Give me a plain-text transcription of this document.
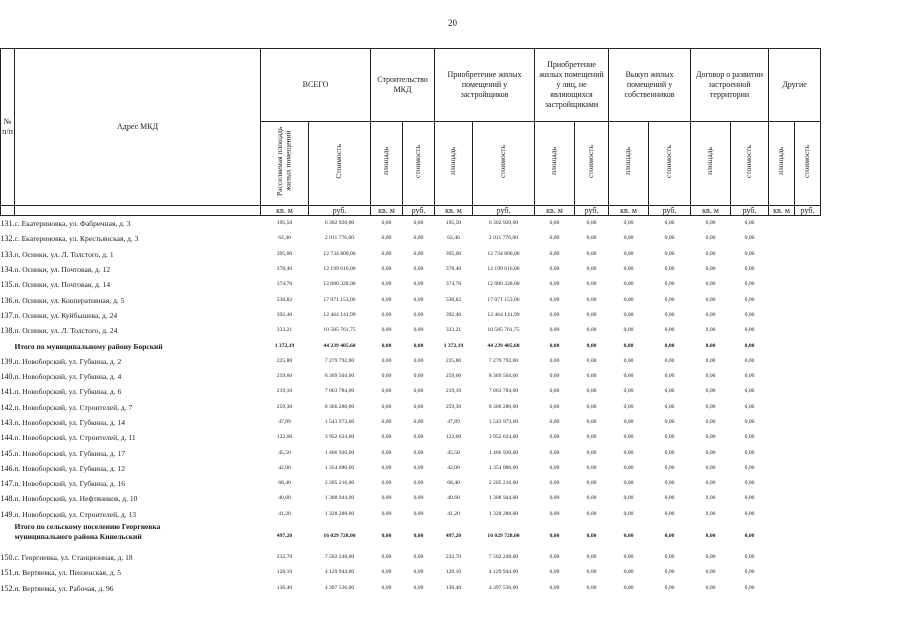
20
№ п/п	Адрес МКД	ВСЕГО		Строительство МКД		Приобретение жилых помещений у застройщиков		Приобретение жилых помещений у лиц, не являющихся застройщиками		Выкуп жилых помещений у собственников		Договор о развитии застроенной территории		Другие	
		Расселяемая площадь жилых помещений	Стоимость	площадь	стоимость	площадь	стоимость	площадь	стоимость	площадь	стоимость	площадь	стоимость	площадь	стоимость
		кв. м	руб.	кв. м	руб.	кв. м	руб.	кв. м	руб.	кв. м	руб.	кв. м	руб.	кв. м	руб.
131.	с. Екатериновка, ул. Фабричная, д. 3	195,50	6 302 920,00	0,00	0,00	195,50	6 302 920,00	0,00	0,00	0,00	0,00	0,00	0,00		
132.	с. Екатериновка, ул. Крестьянская, д. 3	62,40	2 011 776,00	0,00	0,00	62,40	2 011 776,00	0,00	0,00	0,00	0,00	0,00	0,00		
133.	п. Осинки, ул. Л. Толстого, д. 1	395,00	12 734 800,00	0,00	0,00	395,00	12 734 800,00	0,00	0,00	0,00	0,00	0,00	0,00		
134.	п. Осинки, ул. Почтовая, д. 12	378,40	12 199 616,00	0,00	0,00	378,40	12 199 616,00	0,00	0,00	0,00	0,00	0,00	0,00		
135.	п. Осинки, ул. Почтовая, д. 14	374,70	12 080 328,00	0,00	0,00	374,70	12 080 328,00	0,00	0,00	0,00	0,00	0,00	0,00		
136.	п. Осинки, ул. Кооперативная, д. 5	538,82	17 071 153,06	0,00	0,00	538,82	17 071 153,06	0,00	0,00	0,00	0,00	0,00	0,00		
137.	п. Осинки, ул. Куйбышева, д. 24	392,40	12 464 141,99	0,00	0,00	392,40	12 464 141,99	0,00	0,00	0,00	0,00	0,00	0,00		
138.	п. Осинки, ул. Л. Толстого, д. 24	333,21	10 585 761,75	0,00	0,00	333,21	10 585 761,75	0,00	0,00	0,00	0,00	0,00	0,00		
	Итого по муниципальному району Борский	1 372,19	44 239 405,60	0,00	0,00	1 372,19	44 239 405,60	0,00	0,00	0,00	0,00	0,00	0,00		
139.	п. Новоборский, ул. Губкина, д. 2	225,80	7 279 792,00	0,00	0,00	225,80	7 279 792,00	0,00	0,00	0,00	0,00	0,00	0,00		
140.	п. Новоборский, ул. Губкина, д. 4	259,60	8 369 504,00	0,00	0,00	259,60	8 369 504,00	0,00	0,00	0,00	0,00	0,00	0,00		
141.	п. Новоборский, ул. Губкина, д. 6	219,10	7 063 784,00	0,00	0,00	219,10	7 063 784,00	0,00	0,00	0,00	0,00	0,00	0,00		
142.	п. Новоборский, ул. Строителей, д. 7	259,30	8 366 280,00	0,00	0,00	259,30	8 366 280,00	0,00	0,00	0,00	0,00	0,00	0,00		
143.	п. Новоборский, ул. Губкина, д. 14	47,89	1 543 973,60	0,00	0,00	47,89	1 543 973,60	0,00	0,00	0,00	0,00	0,00	0,00		
144.	п. Новоборский, ул. Строителей, д. 11	122,60	3 952 624,00	0,00	0,00	122,60	3 952 624,00	0,00	0,00	0,00	0,00	0,00	0,00		
145.	п. Новоборский, ул. Губкина, д. 17	45,50	1 466 920,00	0,00	0,00	45,50	1 466 920,00	0,00	0,00	0,00	0,00	0,00	0,00		
146.	п. Новоборский, ул. Губкина, д. 12	42,00	1 354 080,00	0,00	0,00	42,00	1 354 080,00	0,00	0,00	0,00	0,00	0,00	0,00		
147.	п. Новоборский, ул. Губкина, д. 16	68,40	2 205 216,00	0,00	0,00	68,40	2 205 216,00	0,00	0,00	0,00	0,00	0,00	0,00		
148.	п. Новоборский, ул. Нефтяников, д. 10	40,60	1 308 944,00	0,00	0,00	40,60	1 308 944,00	0,00	0,00	0,00	0,00	0,00	0,00		
149.	п. Новоборский, ул. Строителей, д. 13	41,20	1 328 288,00	0,00	0,00	41,20	1 328 288,00	0,00	0,00	0,00	0,00	0,00	0,00		

	Итого по сельскому поселению Георгиевка
муниципального района Кинельский	497,20	16 029 728,00	0,00	0,00	497,20	16 029 728,00	0,00	0,00	0,00	0,00	0,00	0,00		
150.	с. Георгиевка, ул. Станционная, д. 18	232,70	7 502 248,00	0,00	0,00	232,70	7 502 248,00	0,00	0,00	0,00	0,00	0,00	0,00		
151.	п. Вертяевка, ул. Пензенская, д. 5	128,10	4 129 944,00	0,00	0,00	128,10	4 129 944,00	0,00	0,00	0,00	0,00	0,00	0,00		
152.	п. Вертяевка, ул. Рабочая, д. 96	136,40	4 397 536,00	0,00	0,00	136,40	4 397 536,00	0,00	0,00	0,00	0,00	0,00	0,00		
